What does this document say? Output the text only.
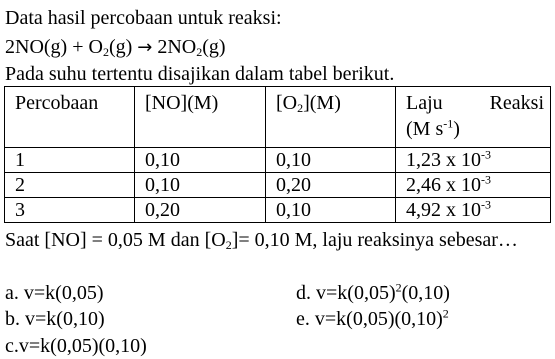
Data hasil percobaan untuk reaksi:
$2NO(g) + O_2(g) \to 2NO_2(g)$
Pada suhu tertentu disajikan dalam tabel berikut.
Percobaan	[NO](M)	$[O_2](M)$	Laju Reaksi
(M $s^{-1}$)

1	0,10	0,10	1,23 x $10^{-3}$
2	0,10	0,20	2,46 x $10^{-3}$
3	0,20	0,10	4,92 x $10^{-3}$
Saat [NO] = 0,05 M dan $[O_2]= 0,10$ M, laju reaksinya sebesar…
a. v=k(0,05)
b. v=k(0,10)
c.v=k(0,05)(0,10)
d. $v=k(0,05)^2(0,10)$
e. $v=k(0,05)(0,10)^2$
